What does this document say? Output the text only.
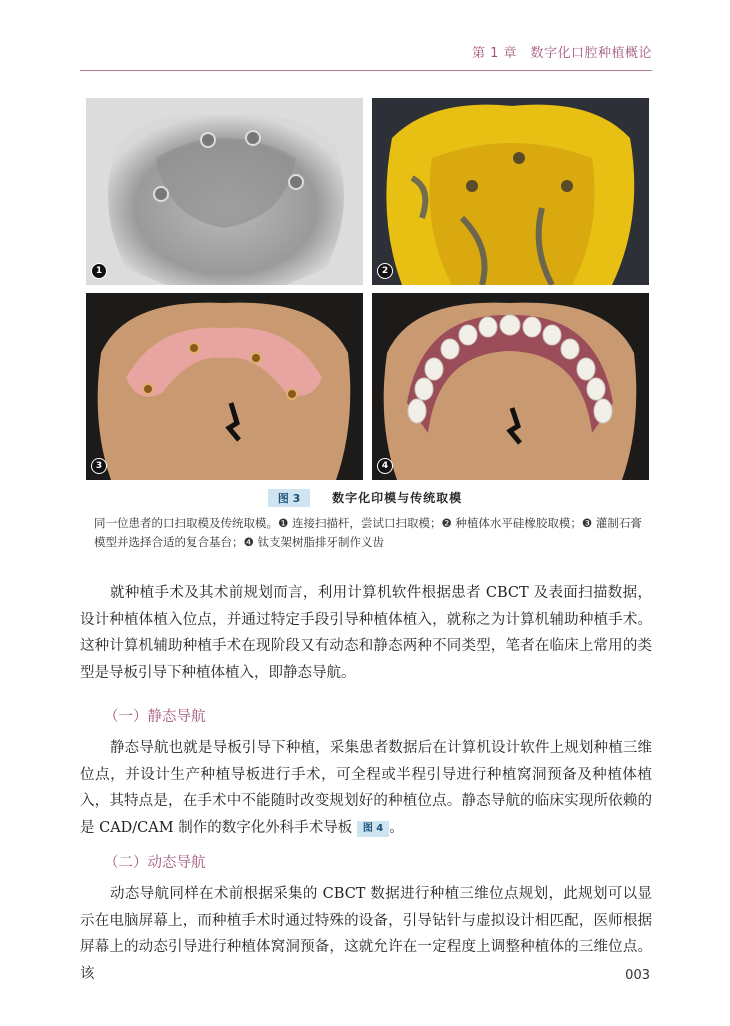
第 1 章　数字化口腔种植概论
1	2
3	4
图 3	数字化印模与传统取模
同一位患者的口扫取模及传统取模。❶ 连接扫描杆，尝试口扫取模；❷ 种植体水平硅橡胶取模；❸ 灌制石膏模型并选择合适的复合基台；❹ 钛支架树脂排牙制作义齿

就种植手术及其术前规划而言，利用计算机软件根据患者 CBCT 及表面扫描数据，设计种植体植入位点，并通过特定手段引导种植体植入，就称之为计算机辅助种植手术。这种计算机辅助种植手术在现阶段又有动态和静态两种不同类型，笔者在临床上常用的类型是导板引导下种植体植入，即静态导航。

（一）静态导航

静态导航也就是导板引导下种植，采集患者数据后在计算机设计软件上规划种植三维位点，并设计生产种植导板进行手术，可全程或半程引导进行种植窝洞预备及种植体植入，其特点是，在手术中不能随时改变规划好的种植位点。静态导航的临床实现所依赖的是 CAD/CAM 制作的数字化外科手术导板 图 4 。

（二）动态导航

动态导航同样在术前根据采集的 CBCT 数据进行种植三维位点规划，此规划可以显示在电脑屏幕上，而种植手术时通过特殊的设备，引导钻针与虚拟设计相匹配，医师根据屏幕上的动态引导进行种植体窝洞预备，这就允许在一定程度上调整种植体的三维位点。该	003
